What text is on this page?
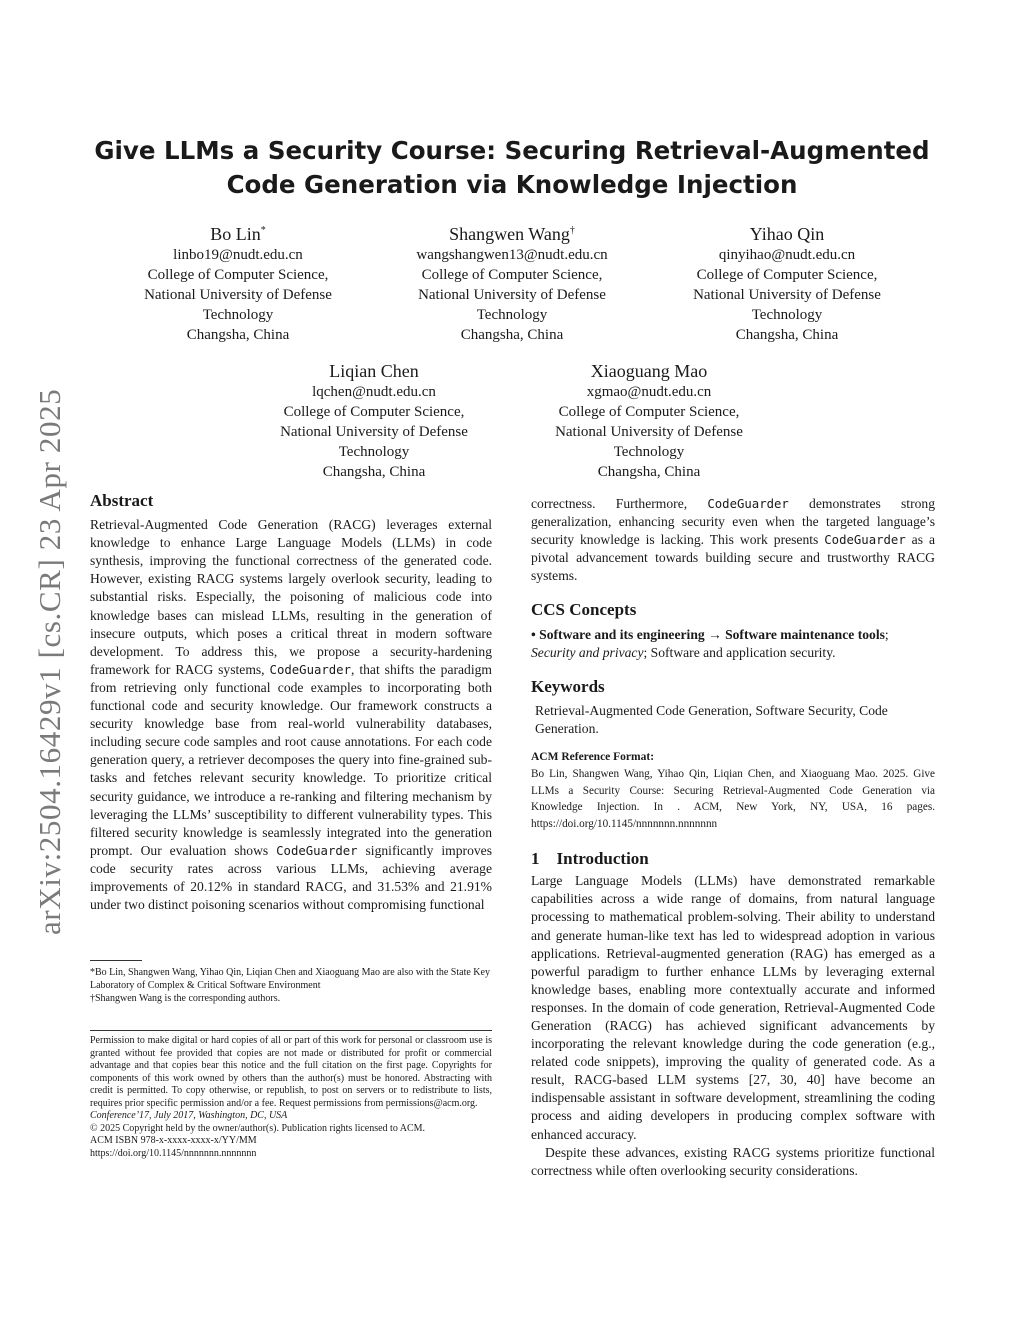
arXiv:2504.16429v1 [cs.CR] 23 Apr 2025
Give LLMs a Security Course: Securing Retrieval-Augmented
Code Generation via Knowledge Injection
Bo Lin*
linbo19@nudt.edu.cn
College of Computer Science,
National University of Defense
Technology
Changsha, China
Shangwen Wang†
wangshangwen13@nudt.edu.cn
College of Computer Science,
National University of Defense
Technology
Changsha, China
Yihao Qin
qinyihao@nudt.edu.cn
College of Computer Science,
National University of Defense
Technology
Changsha, China
Liqian Chen
lqchen@nudt.edu.cn
College of Computer Science,
National University of Defense
Technology
Changsha, China
Xiaoguang Mao
xgmao@nudt.edu.cn
College of Computer Science,
National University of Defense
Technology
Changsha, China
Abstract

Retrieval-Augmented Code Generation (RACG) leverages external knowledge to enhance Large Language Models (LLMs) in code synthesis, improving the functional correctness of the generated code. However, existing RACG systems largely overlook security, leading to substantial risks. Especially, the poisoning of malicious code into knowledge bases can mislead LLMs, resulting in the generation of insecure outputs, which poses a critical threat in modern software development. To address this, we propose a security-hardening framework for RACG systems, CodeGuarder, that shifts the paradigm from retrieving only functional code examples to incorporating both functional code and security knowledge. Our framework constructs a security knowledge base from real-world vulnerability databases, including secure code samples and root cause annotations. For each code generation query, a retriever decomposes the query into fine-grained sub-tasks and fetches relevant security knowledge. To prioritize critical security guidance, we introduce a re-ranking and filtering mechanism by leveraging the LLMs’ susceptibility to different vulnerability types. This filtered security knowledge is seamlessly integrated into the generation prompt. Our evaluation shows CodeGuarder significantly improves code security rates across various LLMs, achieving average improvements of 20.12% in standard RACG, and 31.53% and 21.91% under two distinct poisoning scenarios without compromising functional

*Bo Lin, Shangwen Wang, Yihao Qin, Liqian Chen and Xiaoguang Mao are also with the State Key Laboratory of Complex & Critical Software Environment
†Shangwen Wang is the corresponding authors.
Permission to make digital or hard copies of all or part of this work for personal or classroom use is granted without fee provided that copies are not made or distributed for profit or commercial advantage and that copies bear this notice and the full citation on the first page. Copyrights for components of this work owned by others than the author(s) must be honored. Abstracting with credit is permitted. To copy otherwise, or republish, to post on servers or to redistribute to lists, requires prior specific permission and/or a fee. Request permissions from permissions@acm.org.
Conference’17, July 2017, Washington, DC, USA
© 2025 Copyright held by the owner/author(s). Publication rights licensed to ACM.
ACM ISBN 978-x-xxxx-xxxx-x/YY/MM
https://doi.org/10.1145/nnnnnnn.nnnnnnn

correctness. Furthermore, CodeGuarder demonstrates strong generalization, enhancing security even when the targeted language’s security knowledge is lacking. This work presents CodeGuarder as a pivotal advancement towards building secure and trustworthy RACG systems.

CCS Concepts

• Software and its engineering → Software maintenance tools; Security and privacy; Software and application security.

Keywords

Retrieval-Augmented Code Generation, Software Security, Code Generation.

ACM Reference Format:

Bo Lin, Shangwen Wang, Yihao Qin, Liqian Chen, and Xiaoguang Mao. 2025. Give LLMs a Security Course: Securing Retrieval-Augmented Code Generation via Knowledge Injection. In . ACM, New York, NY, USA, 16 pages. https://doi.org/10.1145/nnnnnnn.nnnnnnn

1    Introduction

Large Language Models (LLMs) have demonstrated remarkable capabilities across a wide range of domains, from natural language processing to mathematical problem-solving. Their ability to understand and generate human-like text has led to widespread adoption in various applications. Retrieval-augmented generation (RAG) has emerged as a powerful paradigm to further enhance LLMs by leveraging external knowledge bases, enabling more contextually accurate and informed responses. In the domain of code generation, Retrieval-Augmented Code Generation (RACG) has achieved significant advancements by incorporating the relevant knowledge during the code generation (e.g., related code snippets), improving the quality of generated code. As a result, RACG-based LLM systems [27, 30, 40] have become an indispensable assistant in software development, streamlining the coding process and aiding developers in producing complex software with enhanced accuracy.

Despite these advances, existing RACG systems prioritize functional correctness while often overlooking security considerations.
